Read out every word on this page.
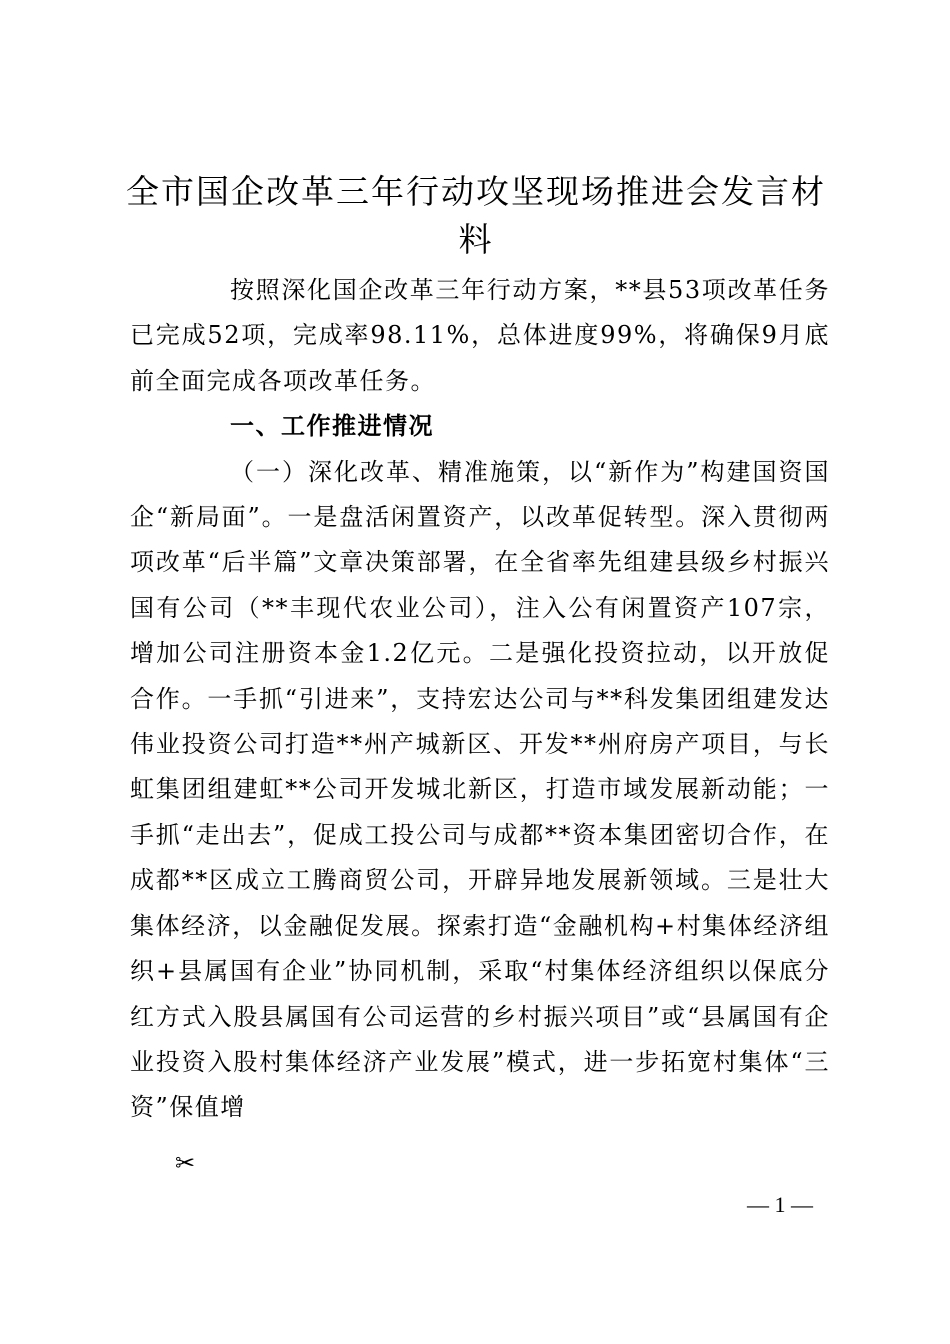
全市国企改革三年行动攻坚现场推进会发言材料

按照深化国企改革三年行动方案，**县53项改革任务已完成52项，完成率98.11%，总体进度99%，将确保9月底前全面完成各项改革任务。

一、工作推进情况

（一）深化改革、精准施策，以“新作为”构建国资国企“新局面”。一是盘活闲置资产，以改革促转型。深入贯彻两项改革“后半篇”文章决策部署，在全省率先组建县级乡村振兴国有公司（**丰现代农业公司），注入公有闲置资产107宗，增加公司注册资本金1.2亿元。二是强化投资拉动，以开放促合作。一手抓“引进来”，支持宏达公司与**科发集团组建发达伟业投资公司打造**州产城新区、开发**州府房产项目，与长虹集团组建虹**公司开发城北新区，打造市域发展新动能；一手抓“走出去”，促成工投公司与成都**资本集团密切合作，在成都**区成立工腾商贸公司，开辟异地发展新领域。三是壮大集体经济，以金融促发展。探索打造“金融机构+村集体经济组织+县属国有企业”协同机制，采取“村集体经济组织以保底分红方式入股县属国有公司运营的乡村振兴项目”或“县属国有企业投资入股村集体经济产业发展”模式，进一步拓宽村集体“三资”保值增

✂
— 1 —
